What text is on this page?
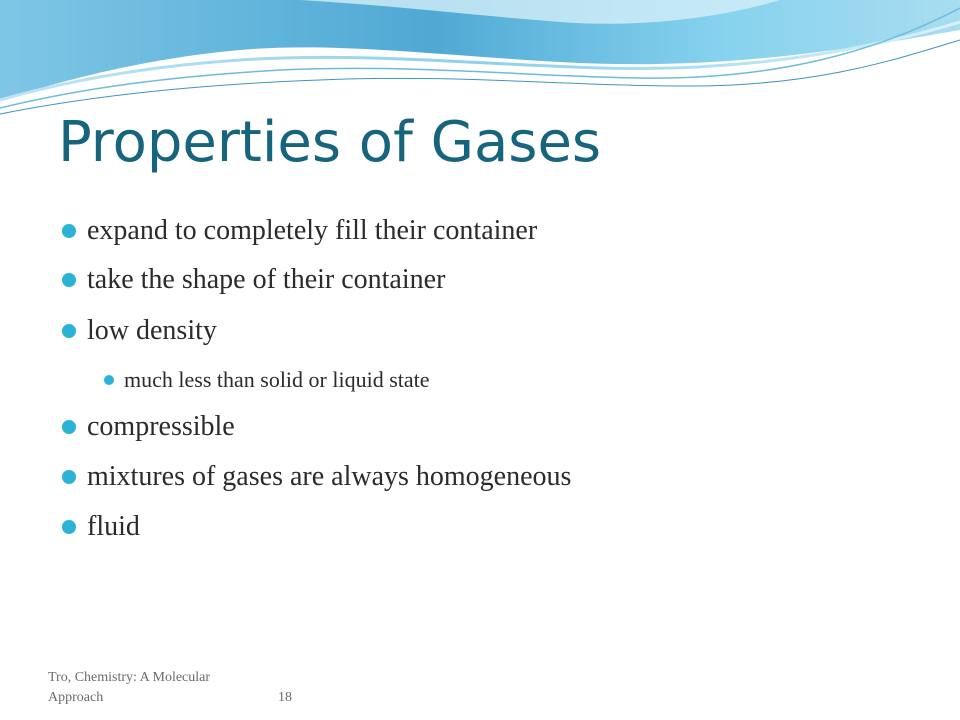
Properties of Gases
expand to completely fill their container
take the shape of their container
low density
much less than solid or liquid state
compressible
mixtures of gases are always homogeneous
fluid
Tro, Chemistry: A Molecular Approach	18
